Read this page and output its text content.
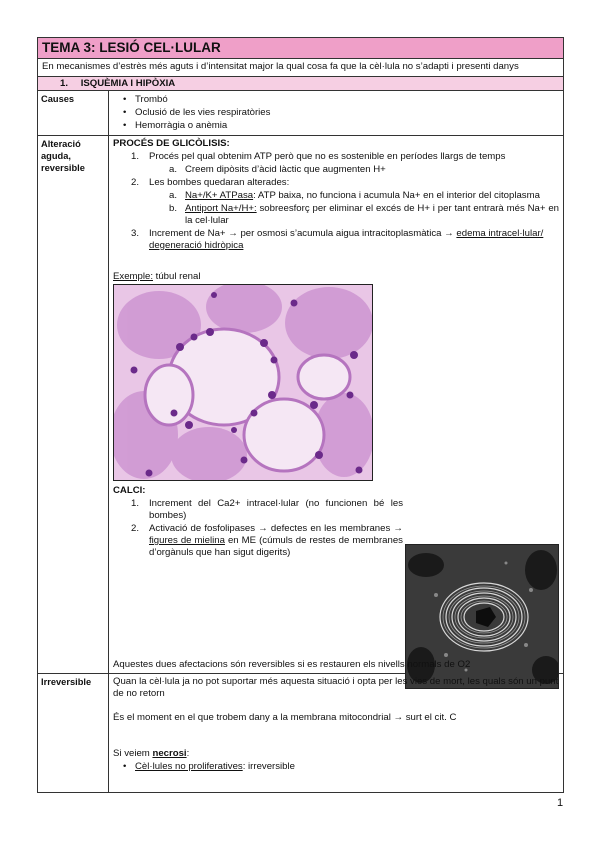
TEMA 3: LESIÓ CEL·LULAR
En mecanismes d’estrès més aguts i d’intensitat major la qual cosa fa que la cèl·lula no s’adapti i presenti danys
1. ISQUÈMIA I HIPÒXIA
Causes
•	Trombó
• Oclusió de les vies respiratòries
• Hemorràgia o anèmia
Alteració aguda, reversible
PROCÉS DE GLICÒLISIS:
1. Procés pel qual obtenim ATP però que no es sostenible en períodes llargs de temps
a. Creem dipòsits d’àcid làctic que augmenten H+
2. Les bombes quedaran alterades:
a. Na+/K+ ATPasa: ATP baixa, no funciona i acumula Na+ en el interior del citoplasma
b. Antiport Na+/H+: sobreesforç per eliminar el excés de H+ i per tant entrarà més Na+ en la cel·lular
3. Increment de Na+ → per osmosi s’acumula aigua intracitoplasmàtica → edema intracel·lular/ degeneració hidròpica
Exemple: túbul renal
CALCI:
1. Increment del Ca2+ intracel·lular (no funcionen bé les bombes)
2. Activació de fosfolipases → defectes en les membranes → figures de mielina en ME (cúmuls de restes de membranes d’orgànuls que han sigut digerits)
Aquestes dues afectacions són reversibles si es restauren els nivells normals de O2
Irreversible	Quan la cèl·lula ja no pot suportar més aquesta situació i opta per les vies de mort, les quals són un punt de no retorn
És el moment en el que trobem dany a la membrana mitocondrial → surt el cit. C
Si veiem necrosi:
• Cèl·lules no proliferatives: irreversible
1
